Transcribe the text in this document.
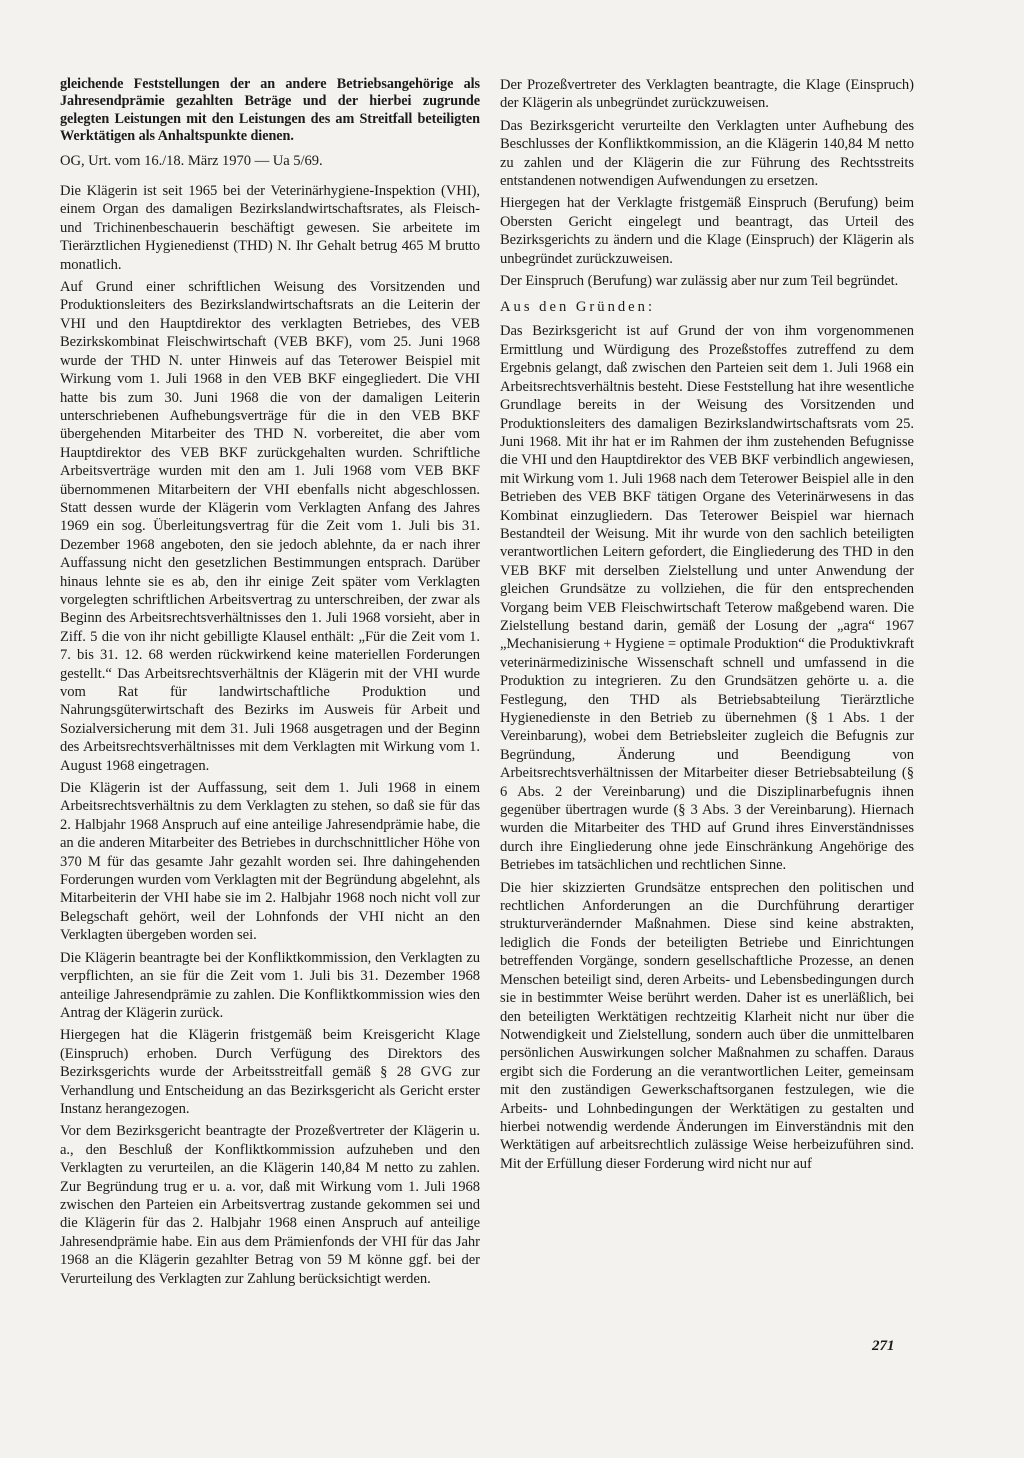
gleichende Feststellungen der an andere Betriebsangehörige als Jahresendprämie gezahlten Beträge und der hierbei zugrunde gelegten Leistungen mit den Leistungen des am Streitfall beteiligten Werktätigen als Anhaltspunkte dienen.

OG, Urt. vom 16./18. März 1970 — Ua 5/69.

Die Klägerin ist seit 1965 bei der Veterinärhygiene-Inspektion (VHI), einem Organ des damaligen Bezirkslandwirtschaftsrates, als Fleisch- und Trichinenbeschauerin beschäftigt gewesen. Sie arbeitete im Tierärztlichen Hygienedienst (THD) N. Ihr Gehalt betrug 465 M brutto monatlich.

Auf Grund einer schriftlichen Weisung des Vorsitzenden und Produktionsleiters des Bezirkslandwirtschaftsrats an die Leiterin der VHI und den Hauptdirektor des verklagten Betriebes, des VEB Bezirkskombinat Fleischwirtschaft (VEB BKF), vom 25. Juni 1968 wurde der THD N. unter Hinweis auf das Teterower Beispiel mit Wirkung vom 1. Juli 1968 in den VEB BKF eingegliedert. Die VHI hatte bis zum 30. Juni 1968 die von der damaligen Leiterin unterschriebenen Aufhebungsverträge für die in den VEB BKF übergehenden Mitarbeiter des THD N. vorbereitet, die aber vom Hauptdirektor des VEB BKF zurückgehalten wurden. Schriftliche Arbeitsverträge wurden mit den am 1. Juli 1968 vom VEB BKF übernommenen Mitarbeitern der VHI ebenfalls nicht abgeschlossen. Statt dessen wurde der Klägerin vom Verklagten Anfang des Jahres 1969 ein sog. Überleitungsvertrag für die Zeit vom 1. Juli bis 31. Dezember 1968 angeboten, den sie jedoch ablehnte, da er nach ihrer Auffassung nicht den gesetzlichen Bestimmungen entsprach. Darüber hinaus lehnte sie es ab, den ihr einige Zeit später vom Verklagten vorgelegten schriftlichen Arbeitsvertrag zu unterschreiben, der zwar als Beginn des Arbeitsrechtsverhältnisses den 1. Juli 1968 vorsieht, aber in Ziff. 5 die von ihr nicht gebilligte Klausel enthält: „Für die Zeit vom 1. 7. bis 31. 12. 68 werden rückwirkend keine materiellen Forderungen gestellt.“ Das Arbeitsrechtsverhältnis der Klägerin mit der VHI wurde vom Rat für landwirtschaftliche Produktion und Nahrungsgüterwirtschaft des Bezirks im Ausweis für Arbeit und Sozialversicherung mit dem 31. Juli 1968 ausgetragen und der Beginn des Arbeitsrechtsverhältnisses mit dem Verklagten mit Wirkung vom 1. August 1968 eingetragen.

Die Klägerin ist der Auffassung, seit dem 1. Juli 1968 in einem Arbeitsrechtsverhältnis zu dem Verklagten zu stehen, so daß sie für das 2. Halbjahr 1968 Anspruch auf eine anteilige Jahresendprämie habe, die an die anderen Mitarbeiter des Betriebes in durchschnittlicher Höhe von 370 M für das gesamte Jahr gezahlt worden sei. Ihre dahingehenden Forderungen wurden vom Verklagten mit der Begründung abgelehnt, als Mitarbeiterin der VHI habe sie im 2. Halbjahr 1968 noch nicht voll zur Belegschaft gehört, weil der Lohnfonds der VHI nicht an den Verklagten übergeben worden sei.

Die Klägerin beantragte bei der Konfliktkommission, den Verklagten zu verpflichten, an sie für die Zeit vom 1. Juli bis 31. Dezember 1968 anteilige Jahresendprämie zu zahlen. Die Konfliktkommission wies den Antrag der Klägerin zurück.

Hiergegen hat die Klägerin fristgemäß beim Kreisgericht Klage (Einspruch) erhoben. Durch Verfügung des Direktors des Bezirksgerichts wurde der Arbeitsstreitfall gemäß § 28 GVG zur Verhandlung und Entscheidung an das Bezirksgericht als Gericht erster Instanz herangezogen.

Vor dem Bezirksgericht beantragte der Prozeßvertreter der Klägerin u. a., den Beschluß der Konfliktkommission aufzuheben und den Verklagten zu verurteilen, an die Klägerin 140,84 M netto zu zahlen. Zur Begründung trug er u. a. vor, daß mit Wirkung vom 1. Juli 1968 zwischen den Parteien ein Arbeitsvertrag zustande gekommen sei und die Klägerin für das 2. Halbjahr 1968 einen Anspruch auf anteilige Jahresendprämie habe. Ein aus dem Prämienfonds der VHI für das Jahr 1968 an die Klägerin gezahlter Betrag von 59 M könne ggf. bei der Verurteilung des Verklagten zur Zahlung berücksichtigt werden.

Der Prozeßvertreter des Verklagten beantragte, die Klage (Einspruch) der Klägerin als unbegründet zurückzuweisen.

Das Bezirksgericht verurteilte den Verklagten unter Aufhebung des Beschlusses der Konfliktkommission, an die Klägerin 140,84 M netto zu zahlen und der Klägerin die zur Führung des Rechtsstreits entstandenen notwendigen Aufwendungen zu ersetzen.

Hiergegen hat der Verklagte fristgemäß Einspruch (Berufung) beim Obersten Gericht eingelegt und beantragt, das Urteil des Bezirksgerichts zu ändern und die Klage (Einspruch) der Klägerin als unbegründet zurückzuweisen.

Der Einspruch (Berufung) war zulässig aber nur zum Teil begründet.

Aus den Gründen:

Das Bezirksgericht ist auf Grund der von ihm vorgenommenen Ermittlung und Würdigung des Prozeßstoffes zutreffend zu dem Ergebnis gelangt, daß zwischen den Parteien seit dem 1. Juli 1968 ein Arbeitsrechtsverhältnis besteht. Diese Feststellung hat ihre wesentliche Grundlage bereits in der Weisung des Vorsitzenden und Produktionsleiters des damaligen Bezirkslandwirtschaftsrats vom 25. Juni 1968. Mit ihr hat er im Rahmen der ihm zustehenden Befugnisse die VHI und den Hauptdirektor des VEB BKF verbindlich angewiesen, mit Wirkung vom 1. Juli 1968 nach dem Teterower Beispiel alle in den Betrieben des VEB BKF tätigen Organe des Veterinärwesens in das Kombinat einzugliedern. Das Teterower Beispiel war hiernach Bestandteil der Weisung. Mit ihr wurde von den sachlich beteiligten verantwortlichen Leitern gefordert, die Eingliederung des THD in den VEB BKF mit derselben Zielstellung und unter Anwendung der gleichen Grundsätze zu vollziehen, die für den entsprechenden Vorgang beim VEB Fleischwirtschaft Teterow maßgebend waren. Die Zielstellung bestand darin, gemäß der Losung der „agra“ 1967 „Mechanisierung + Hygiene = optimale Produktion“ die Produktivkraft veterinärmedizinische Wissenschaft schnell und umfassend in die Produktion zu integrieren. Zu den Grundsätzen gehörte u. a. die Festlegung, den THD als Betriebsabteilung Tierärztliche Hygienedienste in den Betrieb zu übernehmen (§ 1 Abs. 1 der Vereinbarung), wobei dem Betriebsleiter zugleich die Befugnis zur Begründung, Änderung und Beendigung von Arbeitsrechtsverhältnissen der Mitarbeiter dieser Betriebsabteilung (§ 6 Abs. 2 der Vereinbarung) und die Disziplinarbefugnis ihnen gegenüber übertragen wurde (§ 3 Abs. 3 der Vereinbarung). Hiernach wurden die Mitarbeiter des THD auf Grund ihres Einverständnisses durch ihre Eingliederung ohne jede Einschränkung Angehörige des Betriebes im tatsächlichen und rechtlichen Sinne.

Die hier skizzierten Grundsätze entsprechen den politischen und rechtlichen Anforderungen an die Durchführung derartiger strukturverändernder Maßnahmen. Diese sind keine abstrakten, lediglich die Fonds der beteiligten Betriebe und Einrichtungen betreffenden Vorgänge, sondern gesellschaftliche Prozesse, an denen Menschen beteiligt sind, deren Arbeits- und Lebensbedingungen durch sie in bestimmter Weise berührt werden. Daher ist es unerläßlich, bei den beteiligten Werktätigen rechtzeitig Klarheit nicht nur über die Notwendigkeit und Zielstellung, sondern auch über die unmittelbaren persönlichen Auswirkungen solcher Maßnahmen zu schaffen. Daraus ergibt sich die Forderung an die verantwortlichen Leiter, gemeinsam mit den zuständigen Gewerkschaftsorganen festzulegen, wie die Arbeits- und Lohnbedingungen der Werktätigen zu gestalten und hierbei notwendig werdende Änderungen im Einverständnis mit den Werktätigen auf arbeitsrechtlich zulässige Weise herbeizuführen sind. Mit der Erfüllung dieser Forderung wird nicht nur auf

271
